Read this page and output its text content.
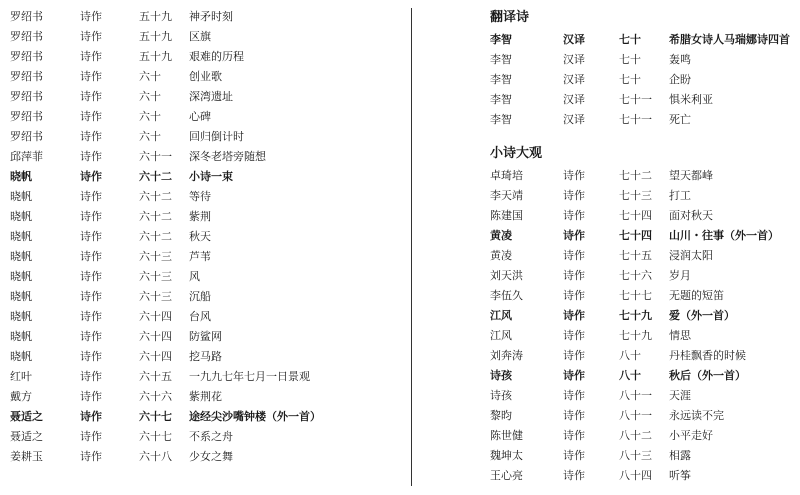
罗绍书	诗作	五十九 神矛时刻
罗绍书	诗作	五十九 区旗
罗绍书	诗作	五十九 艰难的历程
罗绍书	诗作	六十	创业歌
罗绍书	诗作	六十	深湾遗址
罗绍书	诗作	六十	心碑
罗绍书	诗作	六十	回归倒计时
邱萍菲	诗作	六十一 深冬老塔旁随想
晓帆	诗作	六十二 小诗一束
晓帆	诗作	六十二 等待
晓帆	诗作	六十二 紫荆
晓帆	诗作	六十二 秋天
晓帆	诗作	六十三 芦苇
晓帆	诗作	六十三 风
晓帆	诗作	六十三 沉船
晓帆	诗作	六十四 台风
晓帆	诗作	六十四 防鲨网
晓帆	诗作	六十四 挖马路
红叶	诗作	六十五 一九九七年七月一日景观
戴方	诗作	六十六 紫荆花
聂适之	诗作	六十七 途经尖沙嘴钟楼（外一首）
聂适之	诗作	六十七 不系之舟
姜耕玉	诗作	六十八 少女之舞
翻译诗
李智	汉译	七十	希腊女诗人马瑞娜诗四首
李智	汉译	七十	轰鸣
李智	汉译	七十	企盼
李智	汉译	七十一 惧米利亚
李智	汉译	七十一 死亡
小诗大观
卓琦培	诗作	七十二 望天都峰
李天靖	诗作	七十三 打工
陈建国	诗作	七十四 面对秋天
黄凌	诗作	七十四 山川・往事（外一首）
黄凌	诗作	七十五 浸润太阳
刘天洪	诗作	七十六 岁月
李伍久	诗作	七十七 无题的短笛
江风	诗作	七十九 爱（外一首）
江风	诗作	七十九 情思
刘奔涛	诗作	八十	丹桂飘香的时候
诗孩	诗作	八十	秋后（外一首）
诗孩	诗作	八十一 天涯
黎昀	诗作	八十一 永远读不完
陈世健	诗作	八十二 小平走好
魏坤太	诗作	八十三 相露
王心亮	诗作	八十四 听筝
